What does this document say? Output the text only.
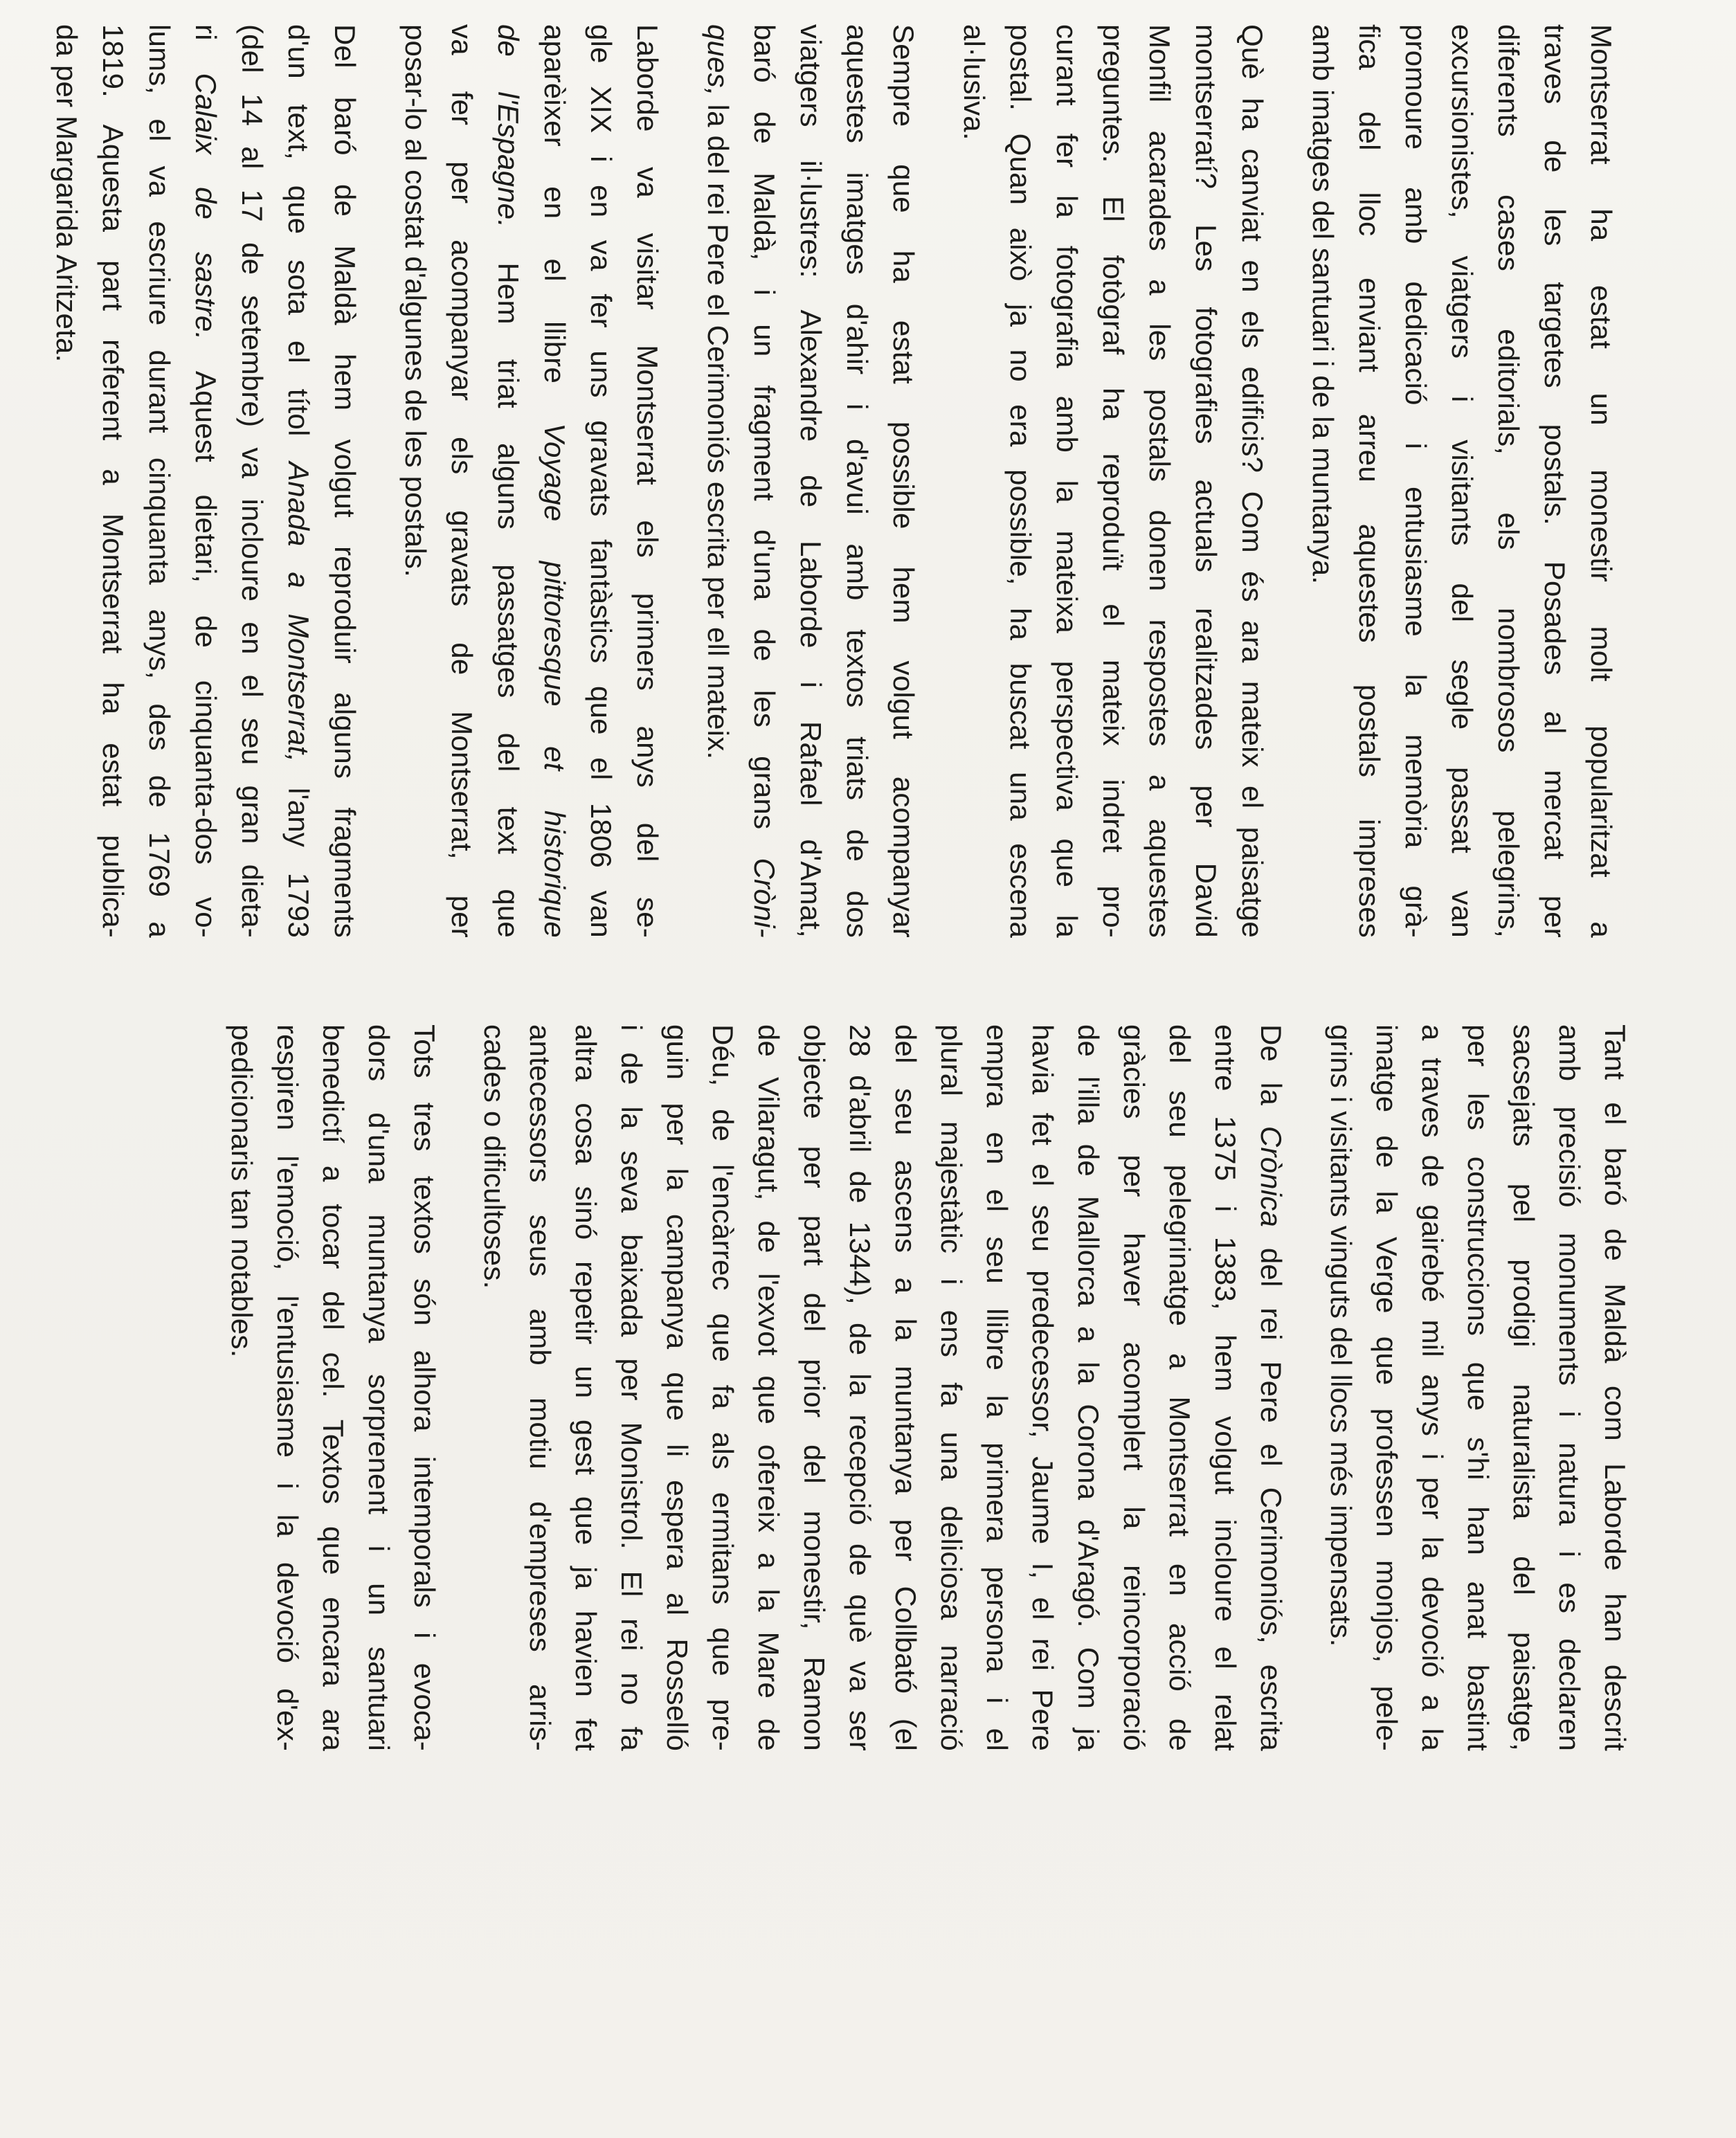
Montserrat ha estat un monestir molt popularitzat a
traves de les targetes postals. Posades al mercat per
diferents cases editorials, els nombrosos pelegrins,
excursionistes, viatgers i visitants del segle passat van
promoure amb dedicació i entusiasme la memòria grà-
fica del lloc enviant arreu aquestes postals impreses
amb imatges del santuari i de la muntanya.
Què ha canviat en els edificis? Com és ara mateix el paisatge
montserratí? Les fotografies actuals realitzades per David
Monfil acarades a les postals donen respostes a aquestes
preguntes. El fotògraf ha reproduït el mateix indret pro-
curant fer la fotografia amb la mateixa perspectiva que la
postal. Quan això ja no era possible, ha buscat una escena
al·lusiva.
Sempre que ha estat possible hem volgut acompanyar
aquestes imatges d'ahir i d'avui amb textos triats de dos
viatgers il·lustres: Alexandre de Laborde i Rafael d'Amat,
baró de Maldà, i un fragment d'una de les grans Cròni-
ques, la del rei Pere el Cerimoniós escrita per ell mateix.
Laborde va visitar Montserrat els primers anys del se-
gle XIX i en va fer uns gravats fantàstics que el 1806 van
aparèixer en el llibre Voyage pittoresque et historique
de l'Espagne. Hem triat alguns passatges del text que
va fer per acompanyar els gravats de Montserrat, per
posar-lo al costat d'algunes de les postals.
Del baró de Maldà hem volgut reproduir alguns fragments
d'un text, que sota el títol Anada a Montserrat, l'any 1793
(del 14 al 17 de setembre) va incloure en el seu gran dieta-
ri Calaix de sastre. Aquest dietari, de cinquanta-dos vo-
lums, el va escriure durant cinquanta anys, des de 1769 a
1819. Aquesta part referent a Montserrat ha estat publica-
da per Margarida Aritzeta.
Tant el baró de Maldà com Laborde han descrit
amb precisió monuments i natura i es declaren
sacsejats pel prodigi naturalista del paisatge,
per les construccions que s'hi han anat bastint
a traves de gairebé mil anys i per la devoció a la
imatge de la Verge que professen monjos, pele-
grins i visitants vinguts del llocs més impensats.
De la Crònica del rei Pere el Cerimoniós, escrita
entre 1375 i 1383, hem volgut incloure el relat
del seu pelegrinatge a Montserrat en acció de
gràcies per haver acomplert la reincorporació
de l'illa de Mallorca a la Corona d'Aragó. Com ja
havia fet el seu predecessor, Jaume I, el rei Pere
empra en el seu llibre la primera persona i el
plural majestàtic i ens fa una deliciosa narració
del seu ascens a la muntanya per Collbató (el
28 d'abril de 1344), de la recepció de què va ser
objecte per part del prior del monestir, Ramon
de Vilaragut, de l'exvot que ofereix a la Mare de
Déu, de l'encàrrec que fa als ermitans que pre-
guin per la campanya que li espera al Rosselló
i de la seva baixada per Monistrol. El rei no fa
altra cosa sinó repetir un gest que ja havien fet
antecessors seus amb motiu d'empreses arris-
cades o dificultoses.
Tots tres textos són alhora intemporals i evoca-
dors d'una muntanya sorprenent i un santuari
benedictí a tocar del cel. Textos que encara ara
respiren l'emoció, l'entusiasme i la devoció d'ex-
pedicionaris tan notables.
